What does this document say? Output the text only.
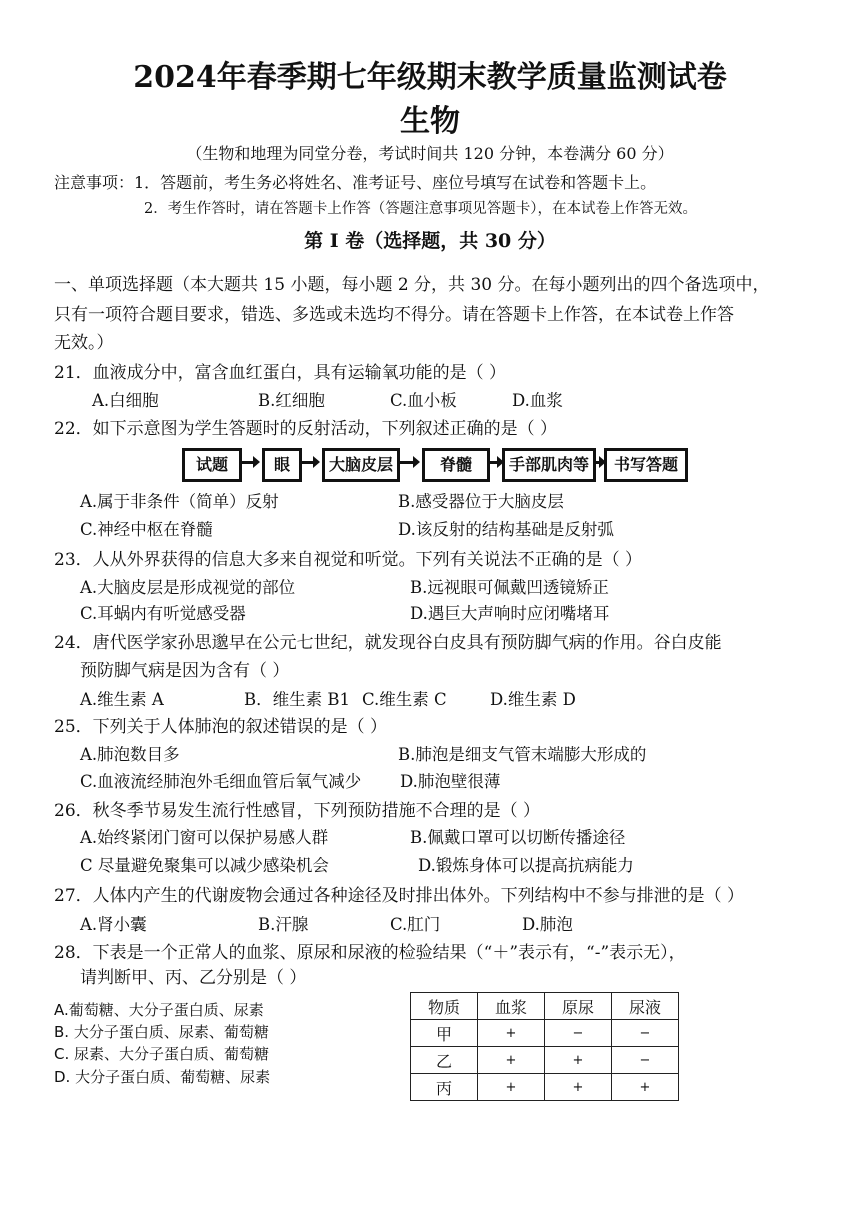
2024年春季期七年级期末教学质量监测试卷
生物
（生物和地理为同堂分卷，考试时间共 120 分钟，本卷满分 60 分）
注意事项：1．答题前，考生务必将姓名、准考证号、座位号填写在试卷和答题卡上。
2．考生作答时，请在答题卡上作答（答题注意事项见答题卡），在本试卷上作答无效。
第 I 卷（选择题，共 30 分）
一、单项选择题（本大题共 15 小题，每小题 2 分，共 30 分。在每小题列出的四个备选项中，
只有一项符合题目要求，错选、多选或未选均不得分。请在答题卡上作答，在本试卷上作答
无效。）
21．血液成分中，富含血红蛋白，具有运输氧功能的是（ ）
A.白细胞	B.红细胞	C.血小板	D.血浆
22．如下示意图为学生答题时的反射活动，下列叙述正确的是（ ）
试题	眼	大脑皮层	脊髓	手部肌肉等	书写答题
A.属于非条件（简单）反射	B.感受器位于大脑皮层
C.神经中枢在脊髓	D.该反射的结构基础是反射弧
23．人从外界获得的信息大多来自视觉和听觉。下列有关说法不正确的是（ ）
A.大脑皮层是形成视觉的部位	B.远视眼可佩戴凹透镜矫正
C.耳蜗内有听觉感受器	D.遇巨大声响时应闭嘴堵耳
24．唐代医学家孙思邈早在公元七世纪，就发现谷白皮具有预防脚气病的作用。谷白皮能
预防脚气病是因为含有（ ）
A.维生素 A	B．维生素 B1 C.维生素 C	D.维生素 D
25．下列关于人体肺泡的叙述错误的是（ ）
A.肺泡数目多	B.肺泡是细支气管末端膨大形成的
C.血液流经肺泡外毛细血管后氧气减少 D.肺泡壁很薄
26．秋冬季节易发生流行性感冒，下列预防措施不合理的是（ ）
A.始终紧闭门窗可以保护易感人群	B.佩戴口罩可以切断传播途径
C 尽量避免聚集可以减少感染机会	D.锻炼身体可以提高抗病能力
27．人体内产生的代谢废物会通过各种途径及时排出体外。下列结构中不参与排泄的是（ ）
A.肾小囊	B.汗腺	C.肛门	D.肺泡
28．下表是一个正常人的血浆、原尿和尿液的检验结果（“＋”表示有，“-”表示无），
请判断甲、丙、乙分别是（ ）
A.葡萄糖、大分子蛋白质、尿素
B. 大分子蛋白质、尿素、葡萄糖
C. 尿素、大分子蛋白质、葡萄糖
D. 大分子蛋白质、葡萄糖、尿素
物质	血浆	原尿	尿液
甲	+	−	−
乙	+	+	−
丙	+	+	+
